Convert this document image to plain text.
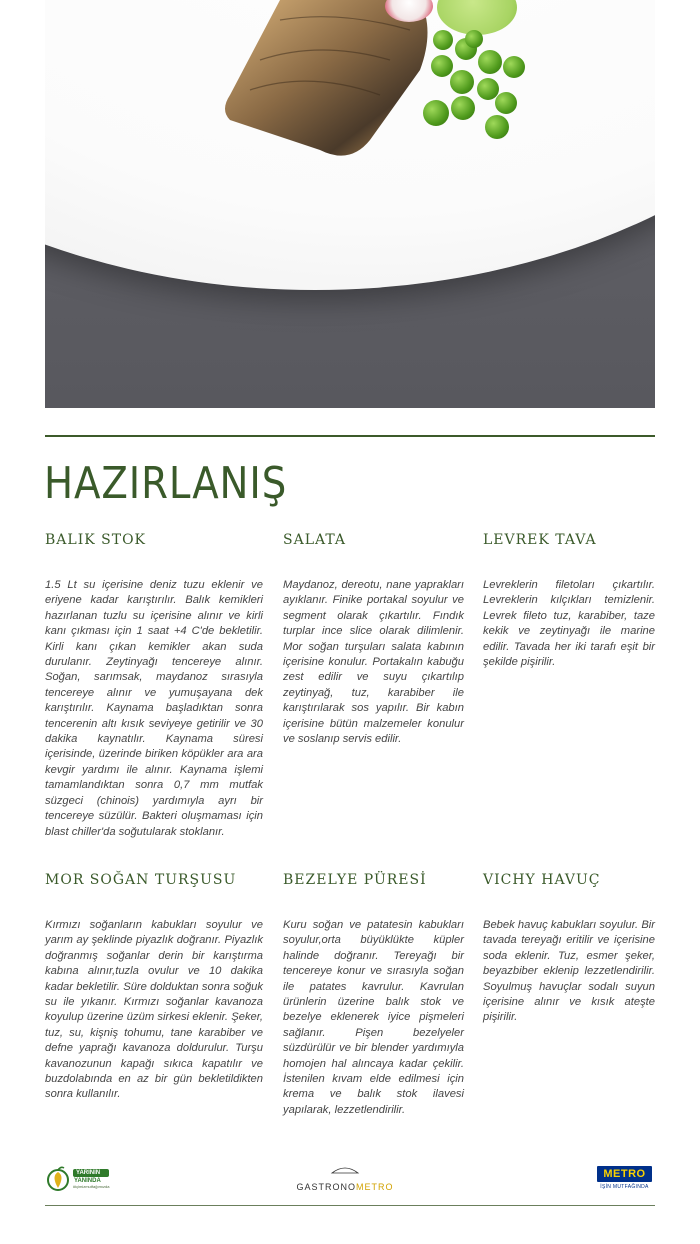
HAZIRLANIŞ
BALIK STOK

1.5 Lt su içerisine deniz tuzu eklenir ve eriyene kadar karıştırılır. Balık kemikleri hazırlanan tuzlu su içerisine alınır ve kirli kanı çıkması için 1 saat +4 C'de bekletilir. Kirli kanı çıkan kemikler akan suda durulanır. Zeytinyağı tencereye alınır. Soğan, sarımsak, maydanoz sırasıyla tencereye alınır ve yumuşayana dek karıştırılır. Kaynama başladıktan sonra tencerenin altı kısık seviyeye getirilir ve 30 dakika kaynatılır. Kaynama süresi içerisinde, üzerinde biriken köpükler ara ara kevgir yardımı ile alınır. Kaynama işlemi tamamlandıktan sonra 0,7 mm mutfak süzgeci (chinois) yardımıyla ayrı bir tencereye süzülür. Bakteri oluşmaması için blast chiller'da soğutularak stoklanır.

SALATA

Maydanoz, dereotu, nane yaprakları ayıklanır. Finike portakal soyulur ve segment olarak çıkartılır. Fındık turplar ince slice olarak dilimlenir. Mor soğan turşuları salata kabının içerisine konulur. Portakalın kabuğu zest edilir ve suyu çıkartılıp zeytinyağ, tuz, karabiber ile karıştırılarak sos yapılır. Bir kabın içerisine bütün malzemeler konulur ve soslanıp servis edilir.

LEVREK TAVA

Levreklerin filetoları çıkartılır. Levreklerin kılçıkları temizlenir. Levrek fileto tuz, karabiber, taze kekik ve zeytinyağı ile marine edilir. Tavada her iki tarafı eşit bir şekilde pişirilir.

MOR SOĞAN TURŞUSU

Kırmızı soğanların kabukları soyulur ve yarım ay şeklinde piyazlık doğranır. Piyazlık doğranmış soğanlar derin bir karıştırma kabına alınır,tuzla ovulur ve 10 dakika kadar bekletilir. Süre dolduktan sonra soğuk su ile yıkanır. Kırmızı soğanlar kavanoza koyulup üzerine üzüm sirkesi eklenir. Şeker, tuz, su, kişniş tohumu, tane karabiber ve defne yaprağı kavanoza doldurulur. Turşu kavanozunun kapağı sıkıca kapatılır ve buzdolabında en az bir gün bekletildikten sonra kullanılır.

BEZELYE PÜRESİ

Kuru soğan ve patatesin kabukları soyulur,orta büyüklükte küpler halinde doğranır. Tereyağı bir tencereye konur ve sırasıyla soğan ile patates kavrulur. Kavrulan ürünlerin üzerine balık stok ve bezelye eklenerek iyice pişmeleri sağlanır. Pişen bezelyeler süzdürülür ve bir blender yardımıyla homojen hal alıncaya kadar çekilir. İstenilen kıvam elde edilmesi için krema ve balık stok ilavesi yapılarak, lezzetlendirilir.

VICHY HAVUÇ

Bebek havuç kabukları soyulur. Bir tavada tereyağı eritilir ve içerisine soda eklenir. Tuz, esmer şeker, beyazbiber eklenip lezzetlendirilir. Soyulmuş havuçlar sodalı suyun içerisine alınır ve kısık ateşte pişirilir.

YARININ
YANINDA
#içimizmutfağımızda	GASTRONOMETRO
METRO
İŞİN MUTFAĞINDA
